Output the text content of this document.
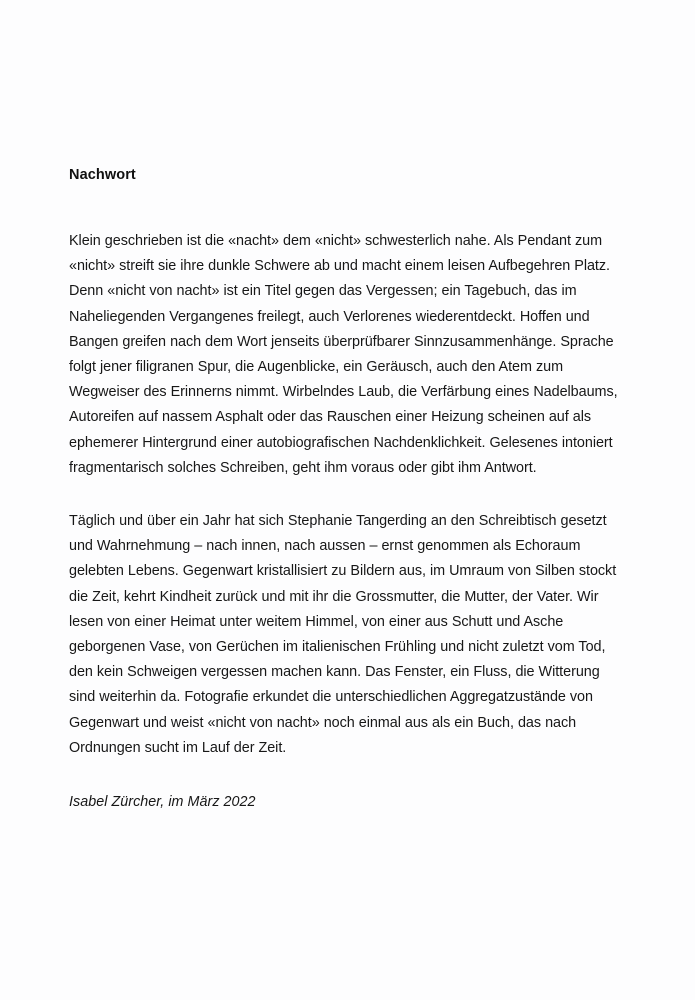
Nachwort

Klein geschrieben ist die «nacht» dem «nicht» schwesterlich nahe. Als Pendant zum «nicht» streift sie ihre dunkle Schwere ab und macht einem leisen Aufbegehren Platz. Denn «nicht von nacht» ist ein Titel gegen das Vergessen; ein Tagebuch, das im Naheliegenden Vergangenes freilegt, auch Verlorenes wiederentdeckt. Hoffen und Bangen greifen nach dem Wort jenseits überprüfbarer Sinnzusammenhänge. Sprache folgt jener filigranen Spur, die Augenblicke, ein Geräusch, auch den Atem zum Wegweiser des Erinnerns nimmt. Wirbelndes Laub, die Verfärbung eines Nadelbaums, Autoreifen auf nassem Asphalt oder das Rauschen einer Heizung scheinen auf als ephemerer Hintergrund einer autobiografischen Nachdenklichkeit. Gelesenes intoniert fragmentarisch solches Schreiben, geht ihm voraus oder gibt ihm Antwort.

Täglich und über ein Jahr hat sich Stephanie Tangerding an den Schreibtisch gesetzt und Wahrnehmung – nach innen, nach aussen – ernst genommen als Echoraum gelebten Lebens. Gegenwart kristallisiert zu Bildern aus, im Umraum von Silben stockt die Zeit, kehrt Kindheit zurück und mit ihr die Grossmutter, die Mutter, der Vater. Wir lesen von einer Heimat unter weitem Himmel, von einer aus Schutt und Asche geborgenen Vase, von Gerüchen im italienischen Frühling und nicht zuletzt vom Tod, den kein Schweigen vergessen machen kann. Das Fenster, ein Fluss, die Witterung sind weiterhin da. Fotografie erkundet die unterschiedlichen Aggregatzustände von Gegenwart und weist «nicht von nacht» noch einmal aus als ein Buch, das nach Ordnungen sucht im Lauf der Zeit.

Isabel Zürcher, im März 2022
